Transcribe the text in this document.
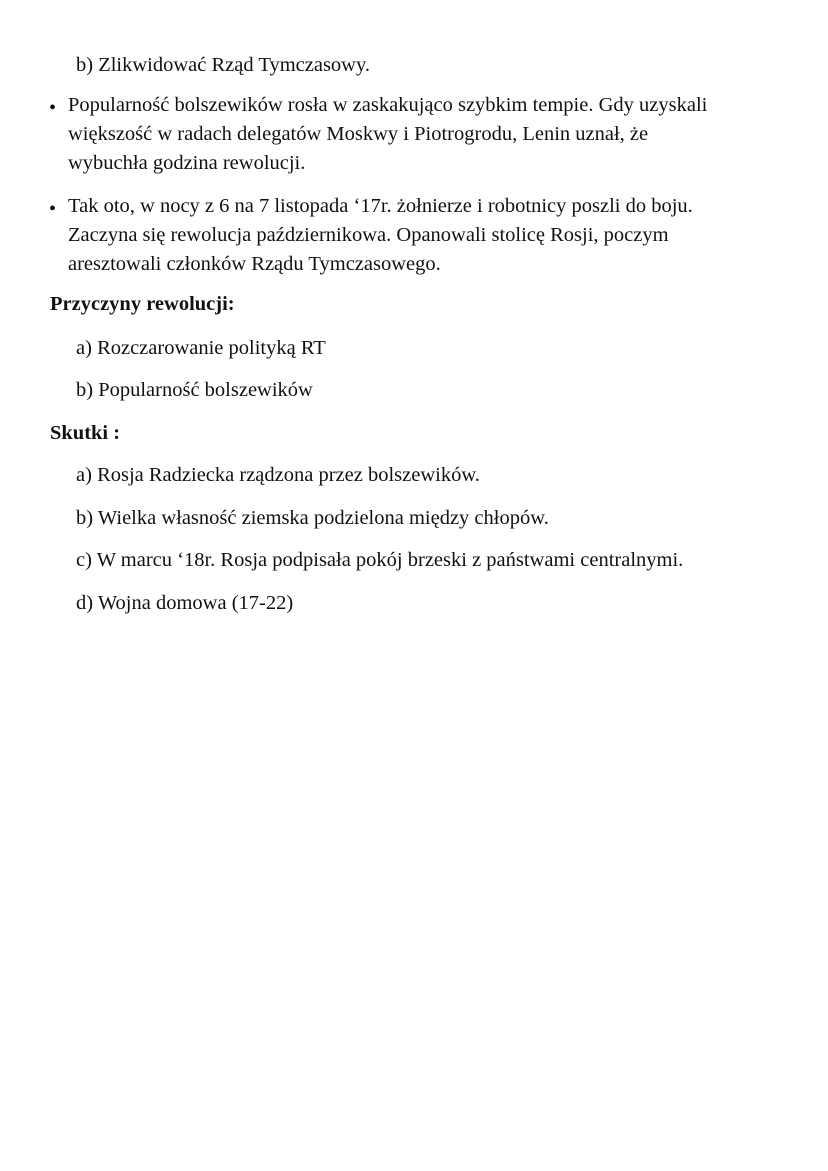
b) Zlikwidować Rząd Tymczasowy.
• Popularność bolszewików rosła w zaskakująco szybkim tempie. Gdy uzyskali
większość w radach delegatów Moskwy i Piotrogrodu, Lenin uznał, że
wybuchła godzina rewolucji.
• Tak oto, w nocy z 6 na 7 listopada ‘17r. żołnierze i robotnicy poszli do boju.
Zaczyna się rewolucja październikowa. Opanowali stolicę Rosji, poczym
aresztowali członków Rządu Tymczasowego.
Przyczyny rewolucji:
a) Rozczarowanie polityką RT
b) Popularność bolszewików
Skutki :
a) Rosja Radziecka rządzona przez bolszewików.
b) Wielka własność ziemska podzielona między chłopów.
c) W marcu ‘18r. Rosja podpisała pokój brzeski z państwami centralnymi.
d) Wojna domowa (17-22)
